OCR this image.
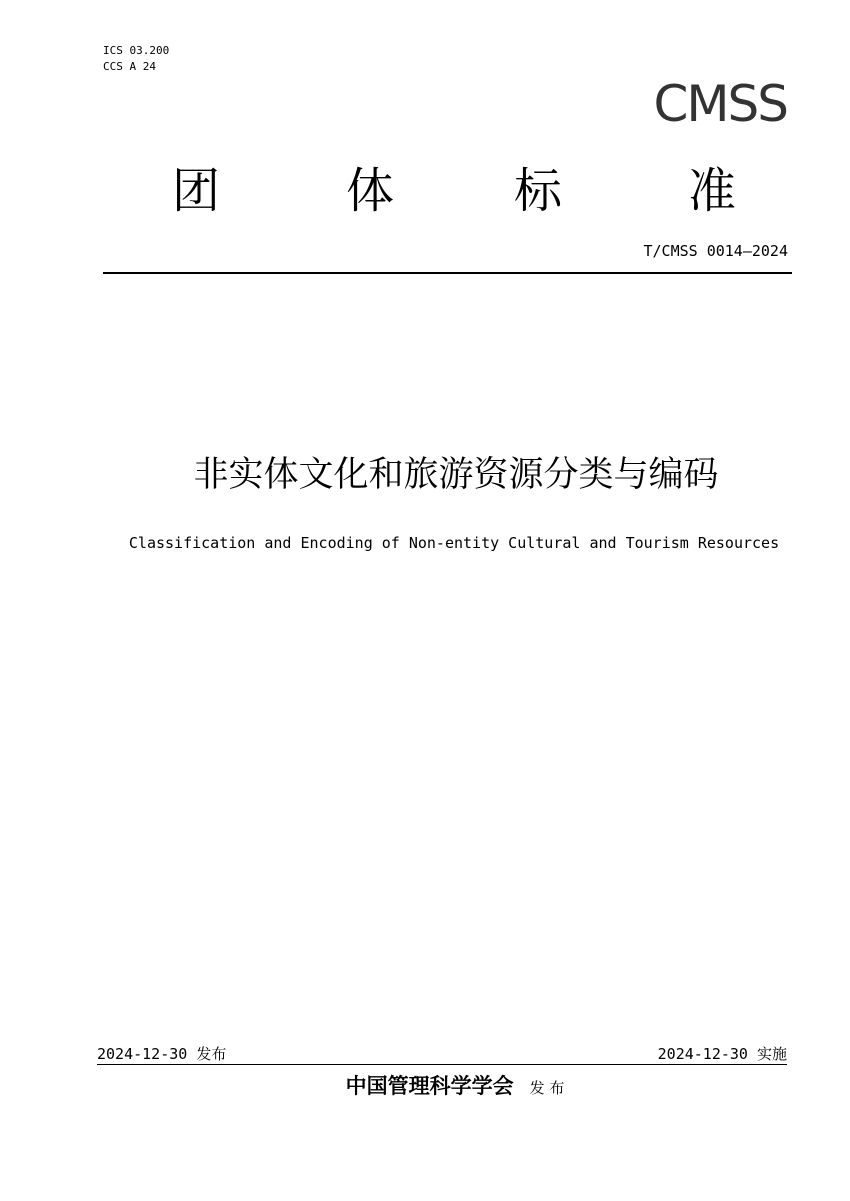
ICS 03.200
CCS A 24
CMSS
团	体 标	准
T/CMSS 0014—2024
非实体文化和旅游资源分类与编码
Classification and Encoding of Non-entity Cultural and Tourism Resources
2024-12-30 发布	2024-12-30 实施
中国管理科学学会 发 布
